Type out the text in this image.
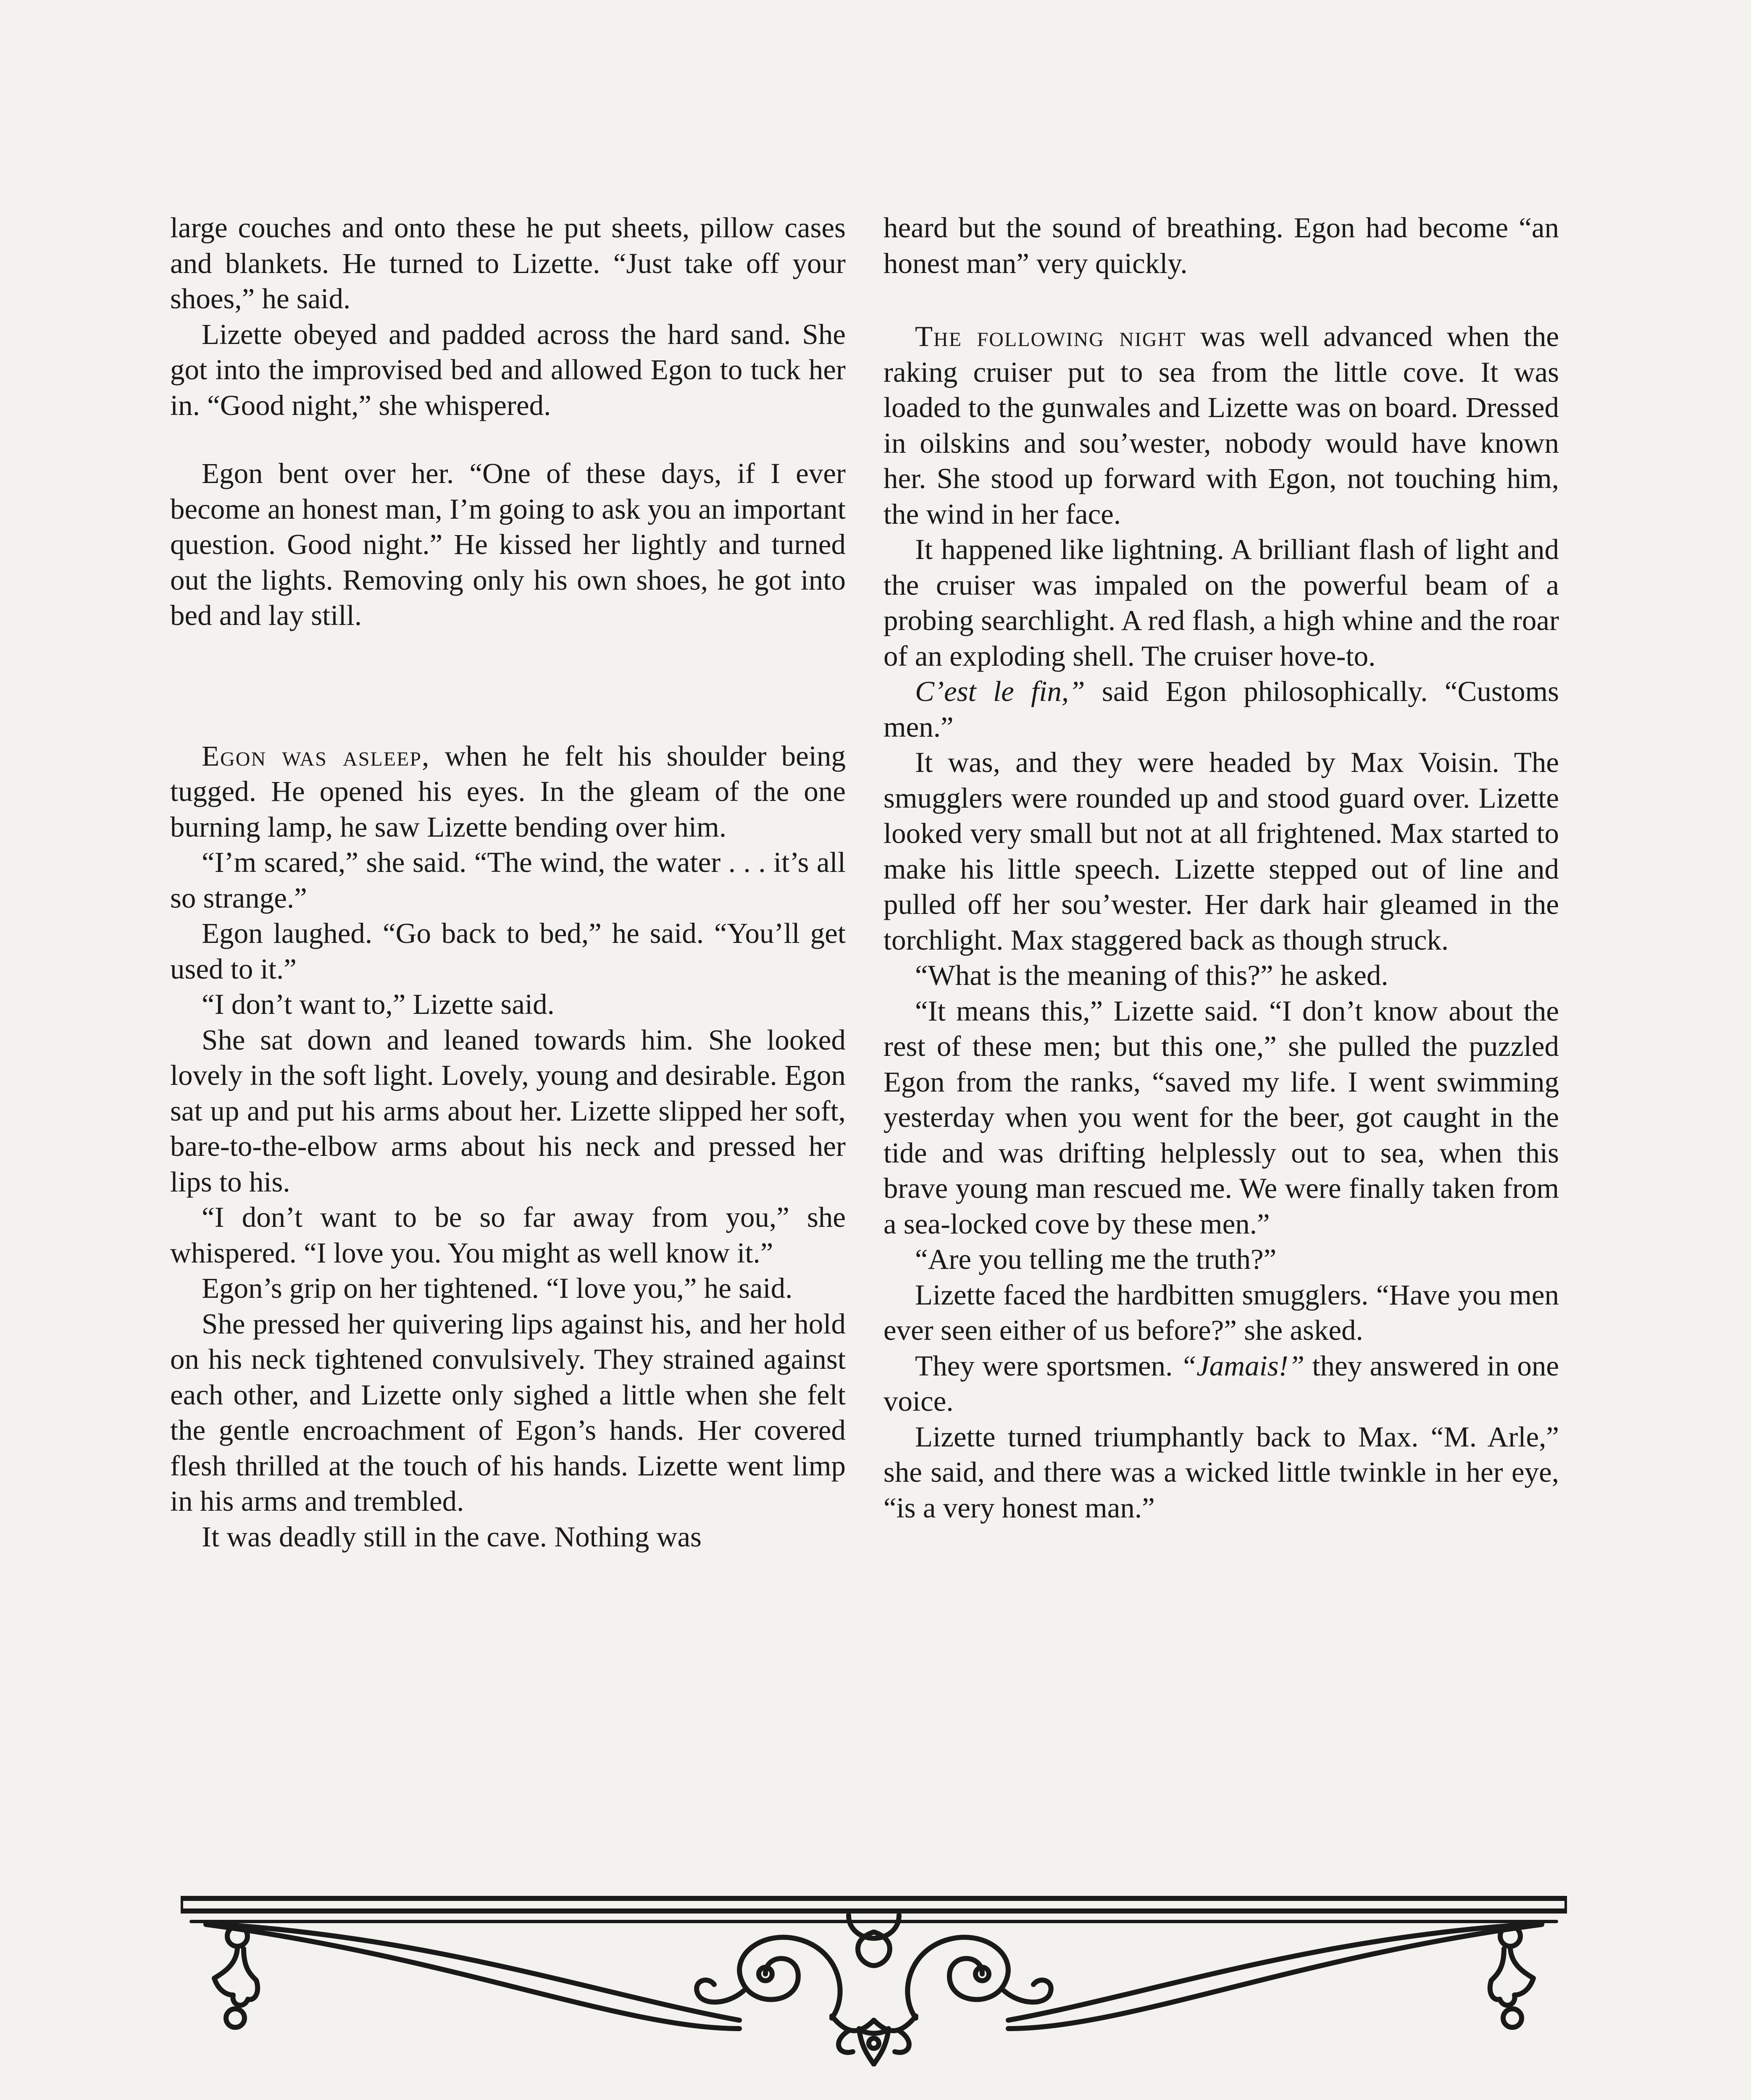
large couches and onto these he put sheets, pillow cases and blankets. He turned to Lizette. “Just take off your shoes,” he said.

Lizette obeyed and padded across the hard sand. She got into the improvised bed and allowed Egon to tuck her in. “Good night,” she whispered.

Egon bent over her. “One of these days, if I ever become an honest man, I’m going to ask you an important question. Good night.” He kissed her lightly and turned out the lights. Removing only his own shoes, he got into bed and lay still.

Egon was asleep, when he felt his shoulder being tugged. He opened his eyes. In the gleam of the one burning lamp, he saw Lizette bending over him.

“I’m scared,” she said. “The wind, the water . . . it’s all so strange.”

Egon laughed. “Go back to bed,” he said. “You’ll get used to it.”

“I don’t want to,” Lizette said.

She sat down and leaned towards him. She looked lovely in the soft light. Lovely, young and desirable. Egon sat up and put his arms about her. Lizette slipped her soft, bare-to-the-elbow arms about his neck and pressed her lips to his.

“I don’t want to be so far away from you,” she whispered. “I love you. You might as well know it.”

Egon’s grip on her tightened. “I love you,” he said.

She pressed her quivering lips against his, and her hold on his neck tightened convulsively. They strained against each other, and Lizette only sighed a little when she felt the gentle encroachment of Egon’s hands. Her covered flesh thrilled at the touch of his hands. Lizette went limp in his arms and trembled.

It was deadly still in the cave. Nothing was

heard but the sound of breathing. Egon had become “an honest man” very quickly.

The following night was well advanced when the raking cruiser put to sea from the little cove. It was loaded to the gunwales and Lizette was on board. Dressed in oilskins and sou’wester, nobody would have known her. She stood up forward with Egon, not touching him, the wind in her face.

It happened like lightning. A brilliant flash of light and the cruiser was impaled on the powerful beam of a probing searchlight. A red flash, a high whine and the roar of an exploding shell. The cruiser hove-to.

C’est le fin,” said Egon philosophically. “Customs men.”

It was, and they were headed by Max Voisin. The smugglers were rounded up and stood guard over. Lizette looked very small but not at all frightened. Max started to make his little speech. Lizette stepped out of line and pulled off her sou’wester. Her dark hair gleamed in the torchlight. Max staggered back as though struck.

“What is the meaning of this?” he asked.

“It means this,” Lizette said. “I don’t know about the rest of these men; but this one,” she pulled the puzzled Egon from the ranks, “saved my life. I went swimming yesterday when you went for the beer, got caught in the tide and was drifting helplessly out to sea, when this brave young man rescued me. We were finally taken from a sea-locked cove by these men.”

“Are you telling me the truth?”

Lizette faced the hardbitten smugglers. “Have you men ever seen either of us before?” she asked.

They were sportsmen. “Jamais!” they answered in one voice.

Lizette turned triumphantly back to Max. “M. Arle,” she said, and there was a wicked little twinkle in her eye, “is a very honest man.”
